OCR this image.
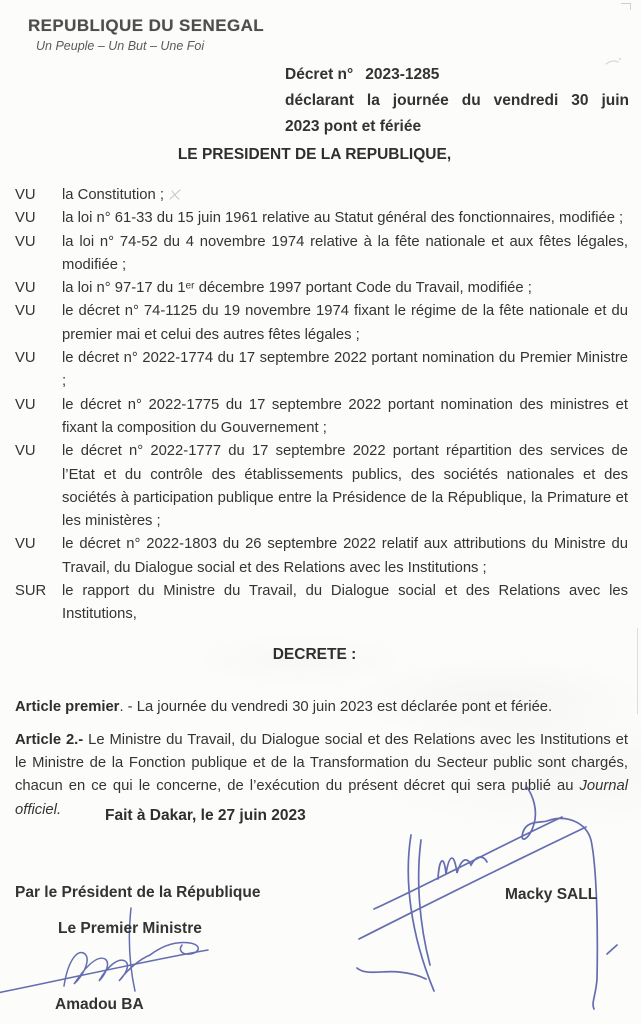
REPUBLIQUE DU SENEGAL
Un Peuple – Un But – Une Foi
Décret n° 2023-1285
déclarant la journée du vendredi 30 juin
2023 pont et fériée
LE PRESIDENT DE LA REPUBLIQUE,
VU la Constitution ;
VU la loi n° 61-33 du 15 juin 1961 relative au Statut général des fonctionnaires, modifiée ;
VU la loi n° 74-52 du 4 novembre 1974 relative à la fête nationale et aux fêtes légales, modifiée ;
VU la loi n° 97-17 du 1ᵉʳ décembre 1997 portant Code du Travail, modifiée ;
VU le décret n° 74-1125 du 19 novembre 1974 fixant le régime de la fête nationale et du premier mai et celui des autres fêtes légales ;
VU le décret n° 2022-1774 du 17 septembre 2022 portant nomination du Premier Ministre ;
VU le décret n° 2022-1775 du 17 septembre 2022 portant nomination des ministres et fixant la composition du Gouvernement ;
VU le décret n° 2022-1777 du 17 septembre 2022 portant répartition des services de l’Etat et du contrôle des établissements publics, des sociétés nationales et des sociétés à participation publique entre la Présidence de la République, la Primature et les ministères ;
VU le décret n° 2022-1803 du 26 septembre 2022 relatif aux attributions du Ministre du Travail, du Dialogue social et des Relations avec les Institutions ;
SUR le rapport du Ministre du Travail, du Dialogue social et des Relations avec les Institutions,
DECRETE :

Article premier. - La journée du vendredi 30 juin 2023 est déclarée pont et fériée.

Article 2.- Le Ministre du Travail, du Dialogue social et des Relations avec les Institutions et le Ministre de la Fonction publique et de la Transformation du Secteur public sont chargés, chacun en ce qui le concerne, de l’exécution du présent décret qui sera publié au Journal officiel.	Fait à Dakar, le 27 juin 2023
Par le Président de la République	Macky SALL
Le Premier Ministre
Amadou BA
